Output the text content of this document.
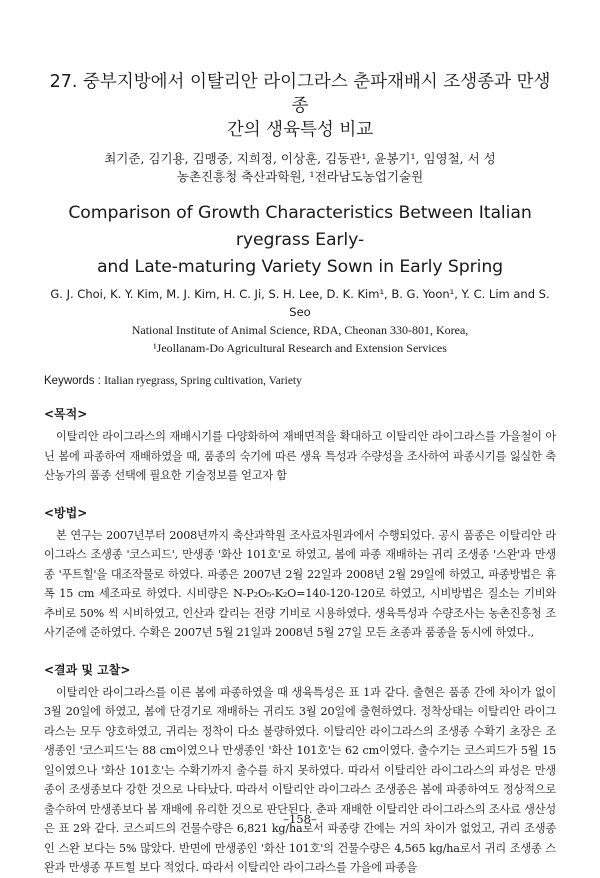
27. 중부지방에서 이탈리안 라이그라스 춘파재배시 조생종과 만생종
간의 생육특성 비교
최기준, 김기용, 김맹중, 지희정, 이상훈, 김동관¹, 윤봉기¹, 임영철, 서 성
농촌진흥청 축산과학원, ¹전라남도농업기술원
Comparison of Growth Characteristics Between Italian ryegrass Early-
and Late-maturing Variety Sown in Early Spring
G. J. Choi, K. Y. Kim, M. J. Kim, H. C. Ji, S. H. Lee, D. K. Kim¹, B. G. Yoon¹, Y. C. Lim and S. Seo
National Institute of Animal Science, RDA, Cheonan 330-801, Korea,
¹Jeollanam-Do Agricultural Research and Extension Services
Keywords : Italian ryegrass, Spring cultivation, Variety
<목적>

이탈리안 라이그라스의 재배시기를 다양화하여 재배면적을 확대하고 이탈리안 라이그라스를 가을철이 아닌 봄에 파종하여 재배하였을 때, 품종의 숙기에 따른 생육 특성과 수량성을 조사하여 파종시기를 잃실한 축산농가의 품종 선택에 필요한 기술정보를 얻고자 함

<방법>

본 연구는 2007년부터 2008년까지 축산과학원 조사료자원과에서 수행되었다. 공시 품종은 이탈리안 라이그라스 조생종 '코스피드', 만생종 '화산 101호'로 하였고, 봄에 파종 재배하는 귀리 조생종 '스완'과 만생종 '푸트힐'을 대조작물로 하였다. 파종은 2007년 2월 22일과 2008년 2월 29일에 하였고, 파종방법은 휴폭 15 cm 세조파로 하였다. 시비량은 N-P₂O₅-K₂O=140-120-120로 하였고, 시비방법은 질소는 기비와 추비로 50% 씩 시비하였고, 인산과 칼리는 전량 기비로 시용하였다. 생육특성과 수량조사는 농촌진흥청 조사기준에 준하였다. 수확은 2007년 5월 21일과 2008년 5월 27일 모든 초종과 품종을 동시에 하였다.,

<결과 및 고찰>

이탈리안 라이그라스를 이른 봄에 파종하였을 때 생육특성은 표 1과 같다. 출현은 품종 간에 차이가 없이 3월 20일에 하였고, 봄에 단경기로 재배하는 귀리도 3월 20일에 출현하였다. 정착상태는 이탈리안 라이그라스는 모두 양호하였고, 귀리는 정착이 다소 불량하였다. 이탈리안 라이그라스의 조생종 수확기 초장은 조생종인 '코스피드'는 88 cm이였으나 만생종인 '화산 101호'는 62 cm이였다. 출수기는 코스피드가 5월 15일이였으나 '화산 101호'는 수확기까지 출수를 하지 못하였다. 따라서 이탈리안 라이그라스의 파성은 만생종이 조생종보다 강한 것으로 나타났다. 따라서 이탈리안 라이그라스 조생종은 봄에 파종하여도 정상적으로 출수하여 만생종보다 봄 재배에 유리한 것으로 판단된다. 춘파 재배한 이탈리안 라이그라스의 조사료 생산성은 표 2와 같다. 코스피드의 건물수량은 6,821 kg/ha로서 파종량 간에는 거의 차이가 없었고, 귀리 조생종인 스완 보다는 5% 많았다. 반면에 만생종인 '화산 101호'의 건물수량은 4,565 kg/ha로서 귀리 조생종 스완과 만생종 푸트힐 보다 적었다. 따라서 이탈리안 라이그라스를 가을에 파종을

–158–
